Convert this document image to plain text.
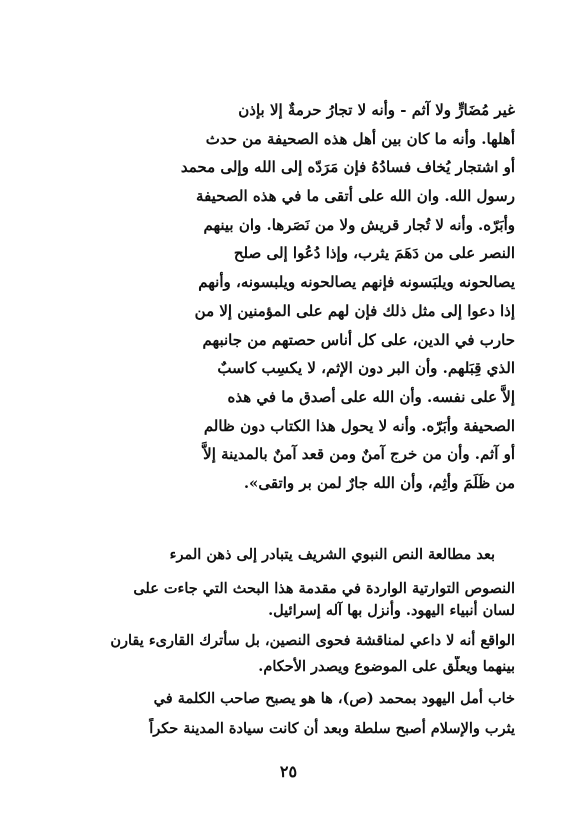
غير مُضَارٍّ ولا آثم - وأنه لا تجارُ حرمةٌ إلا بإذن
أهلها. وأنه ما كان بين أهل هذه الصحيفة من حدث
أو اشتجار يُخاف فسادُهُ فإن مَرَدّه إلى الله وإلى محمد
رسول الله. وان الله على أتقى ما في هذه الصحيفة
وأبَرّه. وأنه لا تُجار قريش ولا من نَصَرها. وان بينهم
النصر على من دَهَمَ يثرب، وإذا دُعُوا إلى صلح
يصالحونه ويلبَسونه فإنهم يصالحونه ويلبسونه، وأنهم
إذا دعوا إلى مثل ذلك فإن لهم على المؤمنين إلا من
حارب في الدين، على كل أناس حصتهم من جانبهم
الذي قِبَلهم. وأن البر دون الإثم، لا يكسِب كاسبٌ
إلاَّ على نفسه. وأن الله على أصدق ما في هذه
الصحيفة وأبَرّه. وأنه لا يحول هذا الكتاب دون ظالم
أو آثم. وأن من خرج آمنٌ ومن قعد آمنٌ بالمدينة إلاَّ
من ظَلَمَ وأثِم، وأن الله جارٌ لمن بر واتقى».
بعد مطالعة النص النبوي الشريف يتبادر إلى ذهن المرء
النصوص التوارتية الواردة في مقدمة هذا البحث التي جاءت على
لسان أنبياء اليهود. وأنزل بها آله إسرائيل.
الواقع أنه لا داعي لمناقشة فحوى النصين، بل سأترك القارىء يقارن
بينهما ويعلّق على الموضوع ويصدر الأحكام.
خاب أمل اليهود بمحمد (ص)، ها هو يصبح صاحب الكلمة في
يثرب والإسلام أصبح سلطة وبعد أن كانت سيادة المدينة حكراً
٢٥
